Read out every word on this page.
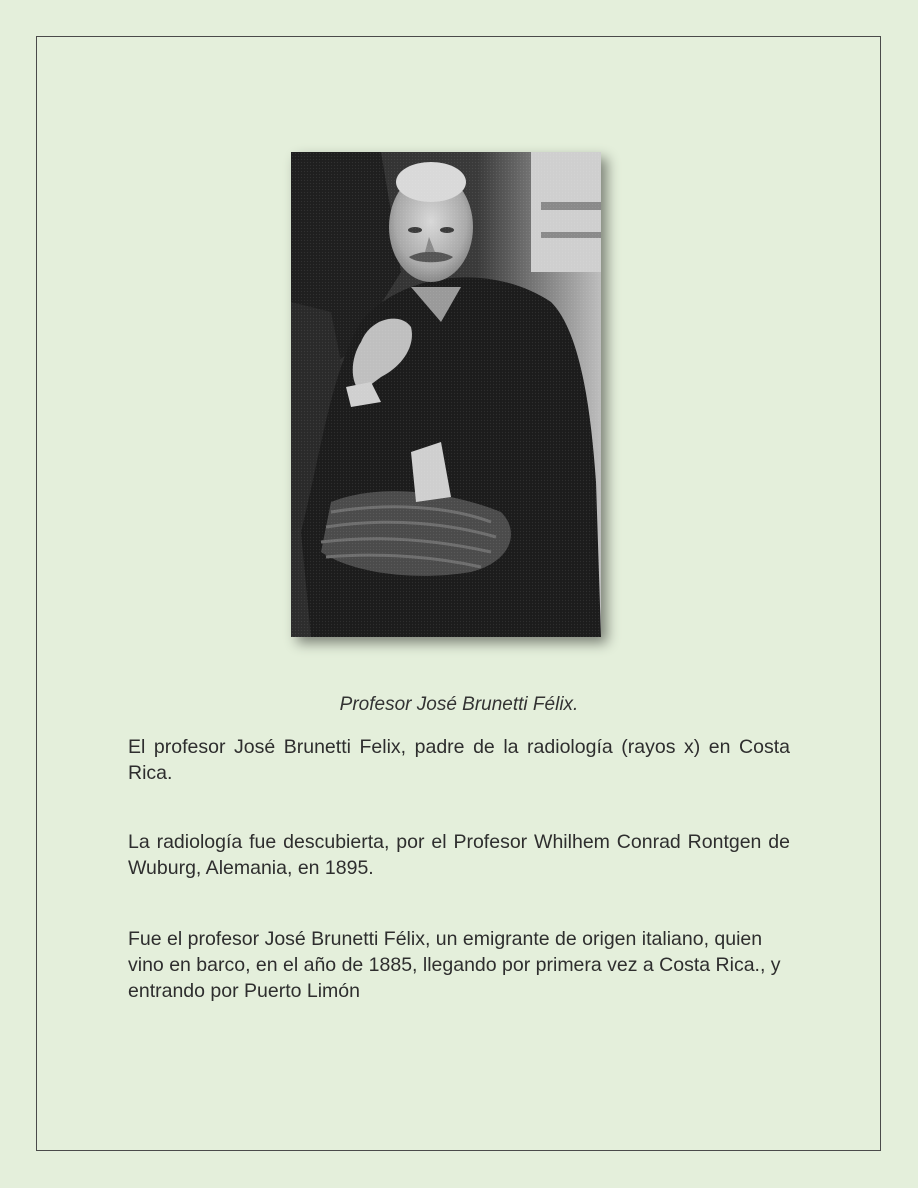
Profesor José Brunetti Félix.

El profesor José Brunetti Felix, padre de la radiología (rayos x) en Costa Rica.

La radiología fue descubierta, por el Profesor Whilhem Conrad Rontgen de Wuburg, Alemania, en 1895.

Fue el profesor José Brunetti Félix, un emigrante de origen italiano, quien vino en barco, en el año de 1885, llegando por primera vez a Costa Rica., y entrando por Puerto Limón
